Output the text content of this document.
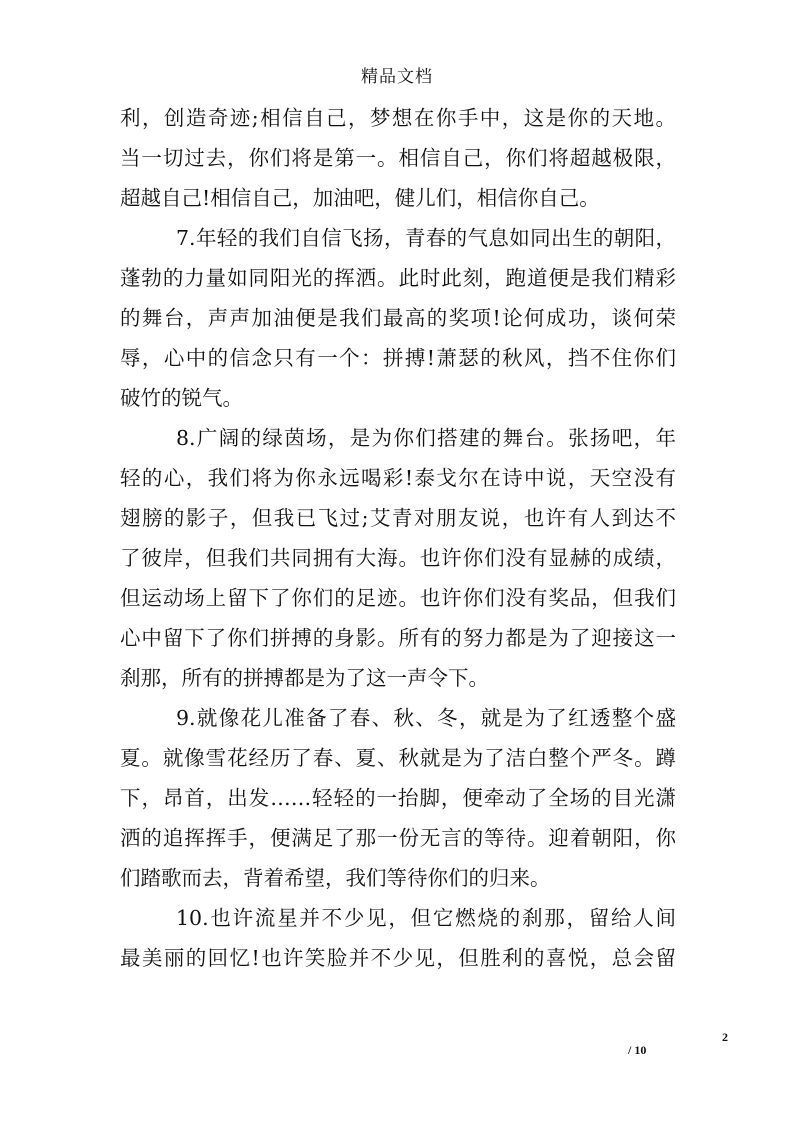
精品文档
利，创造奇迹;相信自己，梦想在你手中，这是你的天地。
当一切过去，你们将是第一。相信自己，你们将超越极限，
超越自己!相信自己，加油吧，健儿们，相信你自己。
7.年轻的我们自信飞扬，青春的气息如同出生的朝阳，
蓬勃的力量如同阳光的挥洒。此时此刻，跑道便是我们精彩
的舞台，声声加油便是我们最高的奖项!论何成功，谈何荣
辱，心中的信念只有一个：拼搏!萧瑟的秋风，挡不住你们
破竹的锐气。
8.广阔的绿茵场，是为你们搭建的舞台。张扬吧，年
轻的心，我们将为你永远喝彩!泰戈尔在诗中说，天空没有
翅膀的影子，但我已飞过;艾青对朋友说，也许有人到达不
了彼岸，但我们共同拥有大海。也许你们没有显赫的成绩，
但运动场上留下了你们的足迹。也许你们没有奖品，但我们
心中留下了你们拼搏的身影。所有的努力都是为了迎接这一
刹那，所有的拼搏都是为了这一声令下。
9.就像花儿准备了春、秋、冬，就是为了红透整个盛
夏。就像雪花经历了春、夏、秋就是为了洁白整个严冬。蹲
下，昂首，出发……轻轻的一抬脚，便牵动了全场的目光潇
洒的追挥挥手，便满足了那一份无言的等待。迎着朝阳，你
们踏歌而去，背着希望，我们等待你们的归来。
10.也许流星并不少见，但它燃烧的刹那，留给人间
最美丽的回忆!也许笑脸并不少见，但胜利的喜悦，总会留
2
/ 10
